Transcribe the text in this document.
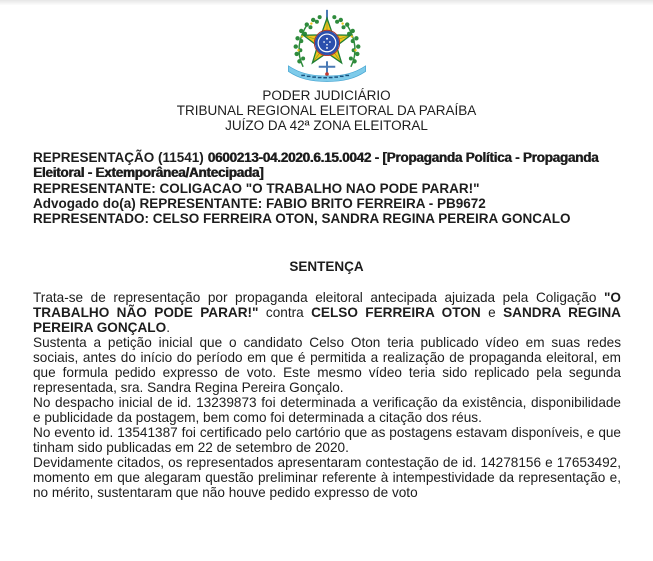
PODER JUDICIÁRIO
TRIBUNAL REGIONAL ELEITORAL DA PARAÍBA
JUÍZO DA 42ª ZONA ELEITORAL

REPRESENTAÇÃO (11541) 0600213-04.2020.6.15.0042 - [Propaganda Política - Propaganda Eleitoral - Extemporânea/Antecipada]

REPRESENTANTE: COLIGACAO "O TRABALHO NAO PODE PARAR!"

Advogado do(a) REPRESENTANTE: FABIO BRITO FERREIRA - PB9672

REPRESENTADO: CELSO FERREIRA OTON, SANDRA REGINA PEREIRA GONCALO

SENTENÇA

Trata-se de representação por propaganda eleitoral antecipada ajuizada pela Coligação "O TRABALHO NÃO PODE PARAR!" contra CELSO FERREIRA OTON e SANDRA REGINA PEREIRA GONÇALO.

Sustenta a petição inicial que o candidato Celso Oton teria publicado vídeo em suas redes sociais, antes do início do período em que é permitida a realização de propaganda eleitoral, em que formula pedido expresso de voto. Este mesmo vídeo teria sido replicado pela segunda representada, sra. Sandra Regina Pereira Gonçalo.

No despacho inicial de id. 13239873 foi determinada a verificação da existência, disponibilidade e publicidade da postagem, bem como foi determinada a citação dos réus.

No evento id. 13541387 foi certificado pelo cartório que as postagens estavam disponíveis, e que tinham sido publicadas em 22 de setembro de 2020.

Devidamente citados, os representados apresentaram contestação de id. 14278156 e 17653492, momento em que alegaram questão preliminar referente à intempestividade da representação e, no mérito, sustentaram que não houve pedido expresso de voto
